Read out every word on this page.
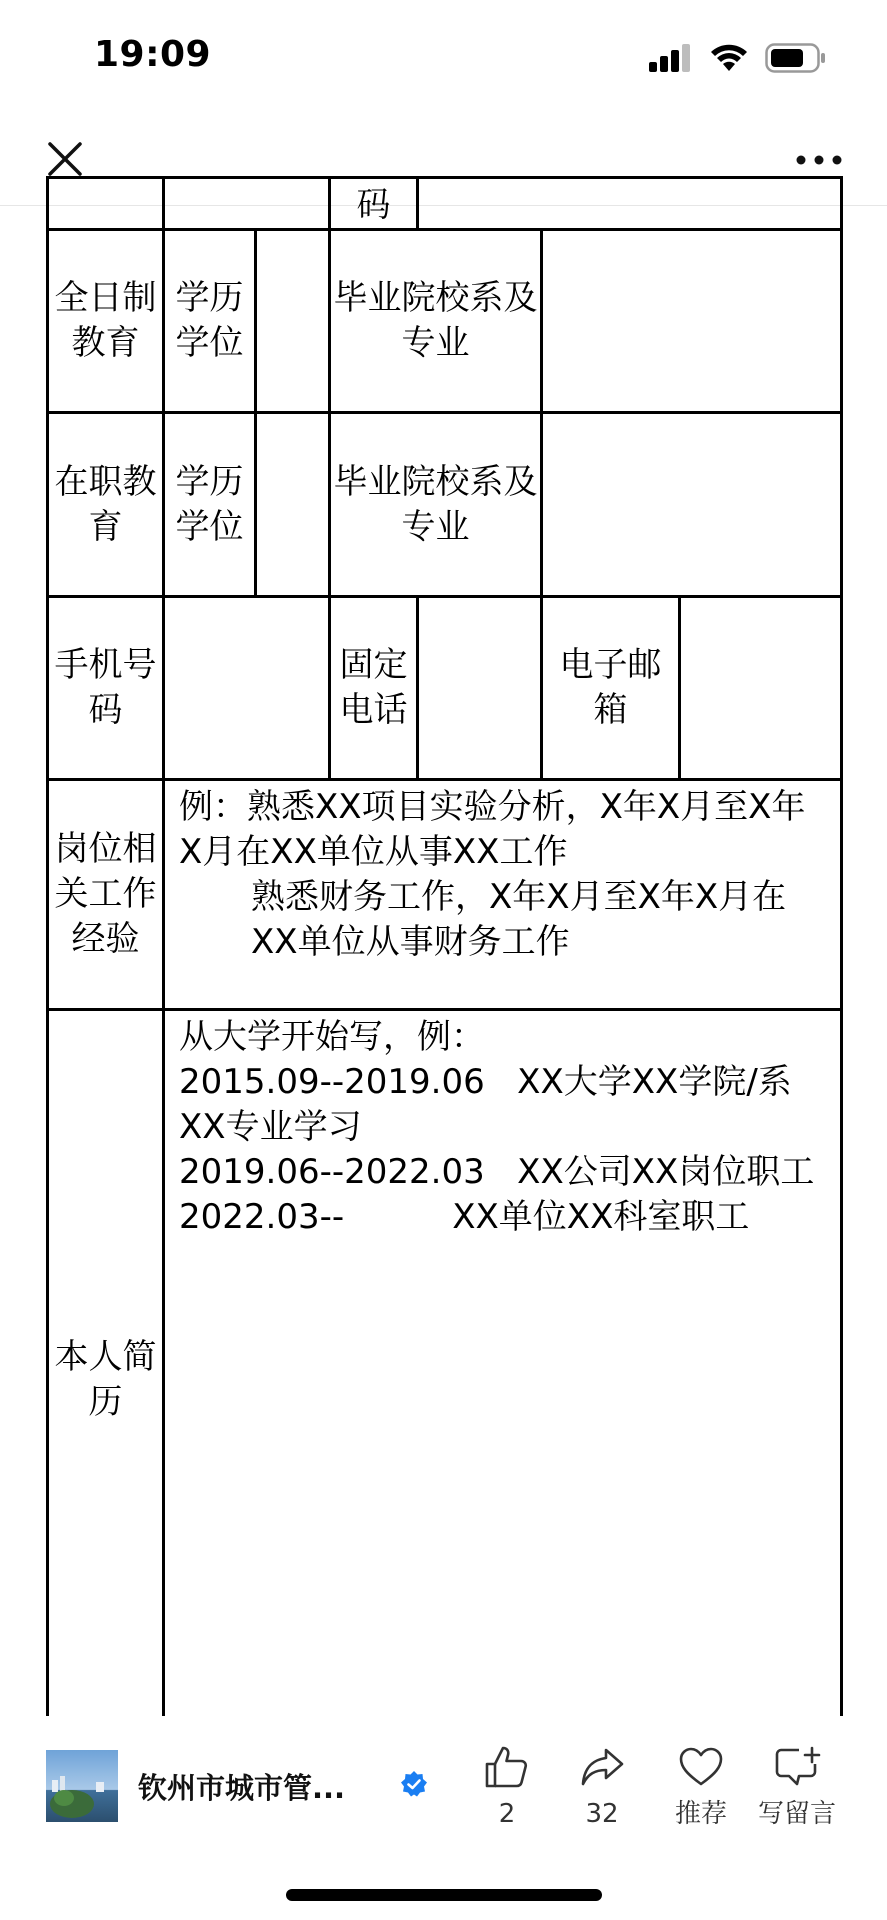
19:09
			码			
全日制教育	学历学位		毕业院校系及专业			
在职教育	学历学位		毕业院校系及专业			
手机号码			固定电话		电子邮箱	
岗位相关工作经验	例：熟悉XX项目实验分析，X年X月至X年X月在XX单位从事XX工作
熟悉财务工作，X年X月至X年X月在XX单位从事财务工作					

本人简历	从大学开始写，例：
2015.09--2019.06   XX大学XX学院/系XX专业学习
2019.06--2022.03   XX公司XX岗位职工
2022.03--          XX单位XX科室职工					
钦州市城市管...
2	32	推荐	写留言
